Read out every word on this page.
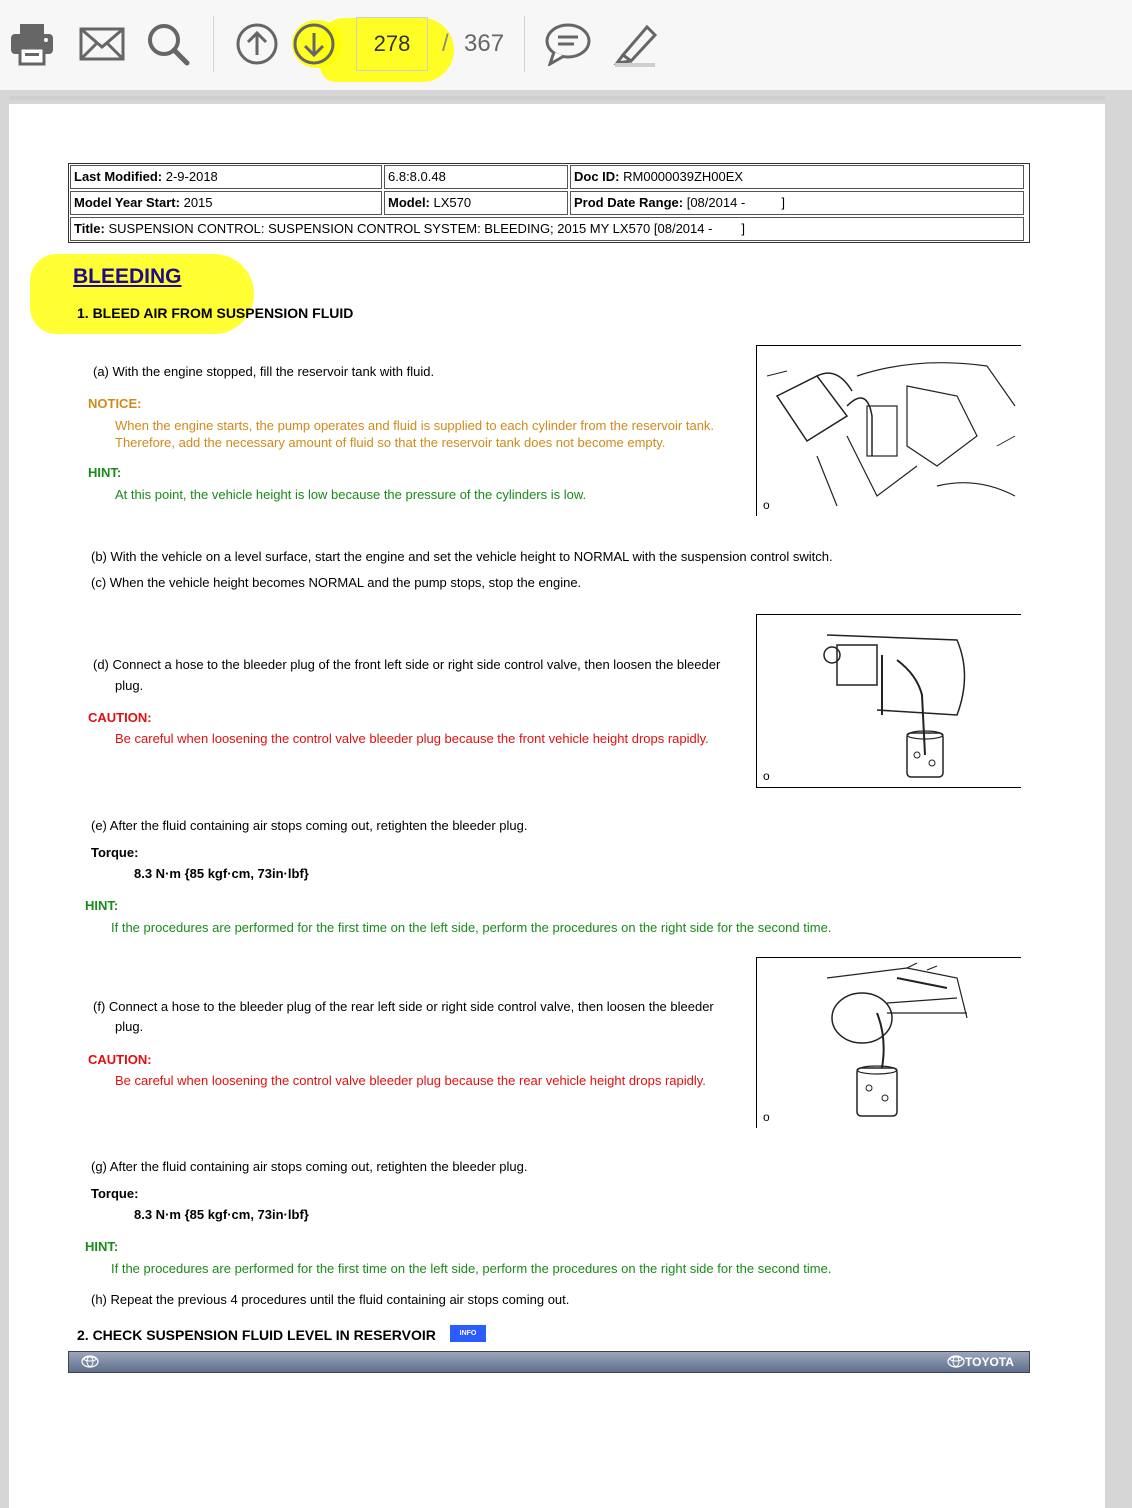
278	/ 367
Last Modified: 2-9-2018	6.8:8.0.48	Doc ID: RM0000039ZH00EX
Model Year Start: 2015	Model: LX570	Prod Date Range: [08/2014 -          ]
Title: SUSPENSION CONTROL: SUSPENSION CONTROL SYSTEM: BLEEDING; 2015 MY LX570 [08/2014 -        ]
BLEEDING
1. BLEED AIR FROM SUSPENSION FLUID
(a) With the engine stopped, fill the reservoir tank with fluid.
NOTICE:
When the engine starts, the pump operates and fluid is supplied to each cylinder from the reservoir tank.
Therefore, add the necessary amount of fluid so that the reservoir tank does not become empty.
HINT:
At this point, the vehicle height is low because the pressure of the cylinders is low.
o
(b) With the vehicle on a level surface, start the engine and set the vehicle height to NORMAL with the suspension control switch.
(c) When the vehicle height becomes NORMAL and the pump stops, stop the engine.
o
(d) Connect a hose to the bleeder plug of the front left side or right side control valve, then loosen the bleeder
plug.
CAUTION:
Be careful when loosening the control valve bleeder plug because the front vehicle height drops rapidly.
(e) After the fluid containing air stops coming out, retighten the bleeder plug.
Torque:
8.3 N·m {85 kgf·cm, 73in·lbf}
HINT:
If the procedures are performed for the first time on the left side, perform the procedures on the right side for the second time.
o
(f) Connect a hose to the bleeder plug of the rear left side or right side control valve, then loosen the bleeder
plug.
CAUTION:
Be careful when loosening the control valve bleeder plug because the rear vehicle height drops rapidly.
(g) After the fluid containing air stops coming out, retighten the bleeder plug.
Torque:
8.3 N·m {85 kgf·cm, 73in·lbf}
HINT:
If the procedures are performed for the first time on the left side, perform the procedures on the right side for the second time.
(h) Repeat the previous 4 procedures until the fluid containing air stops coming out.
2. CHECK SUSPENSION FLUID LEVEL IN RESERVOIR	INFO
TOYOTA
